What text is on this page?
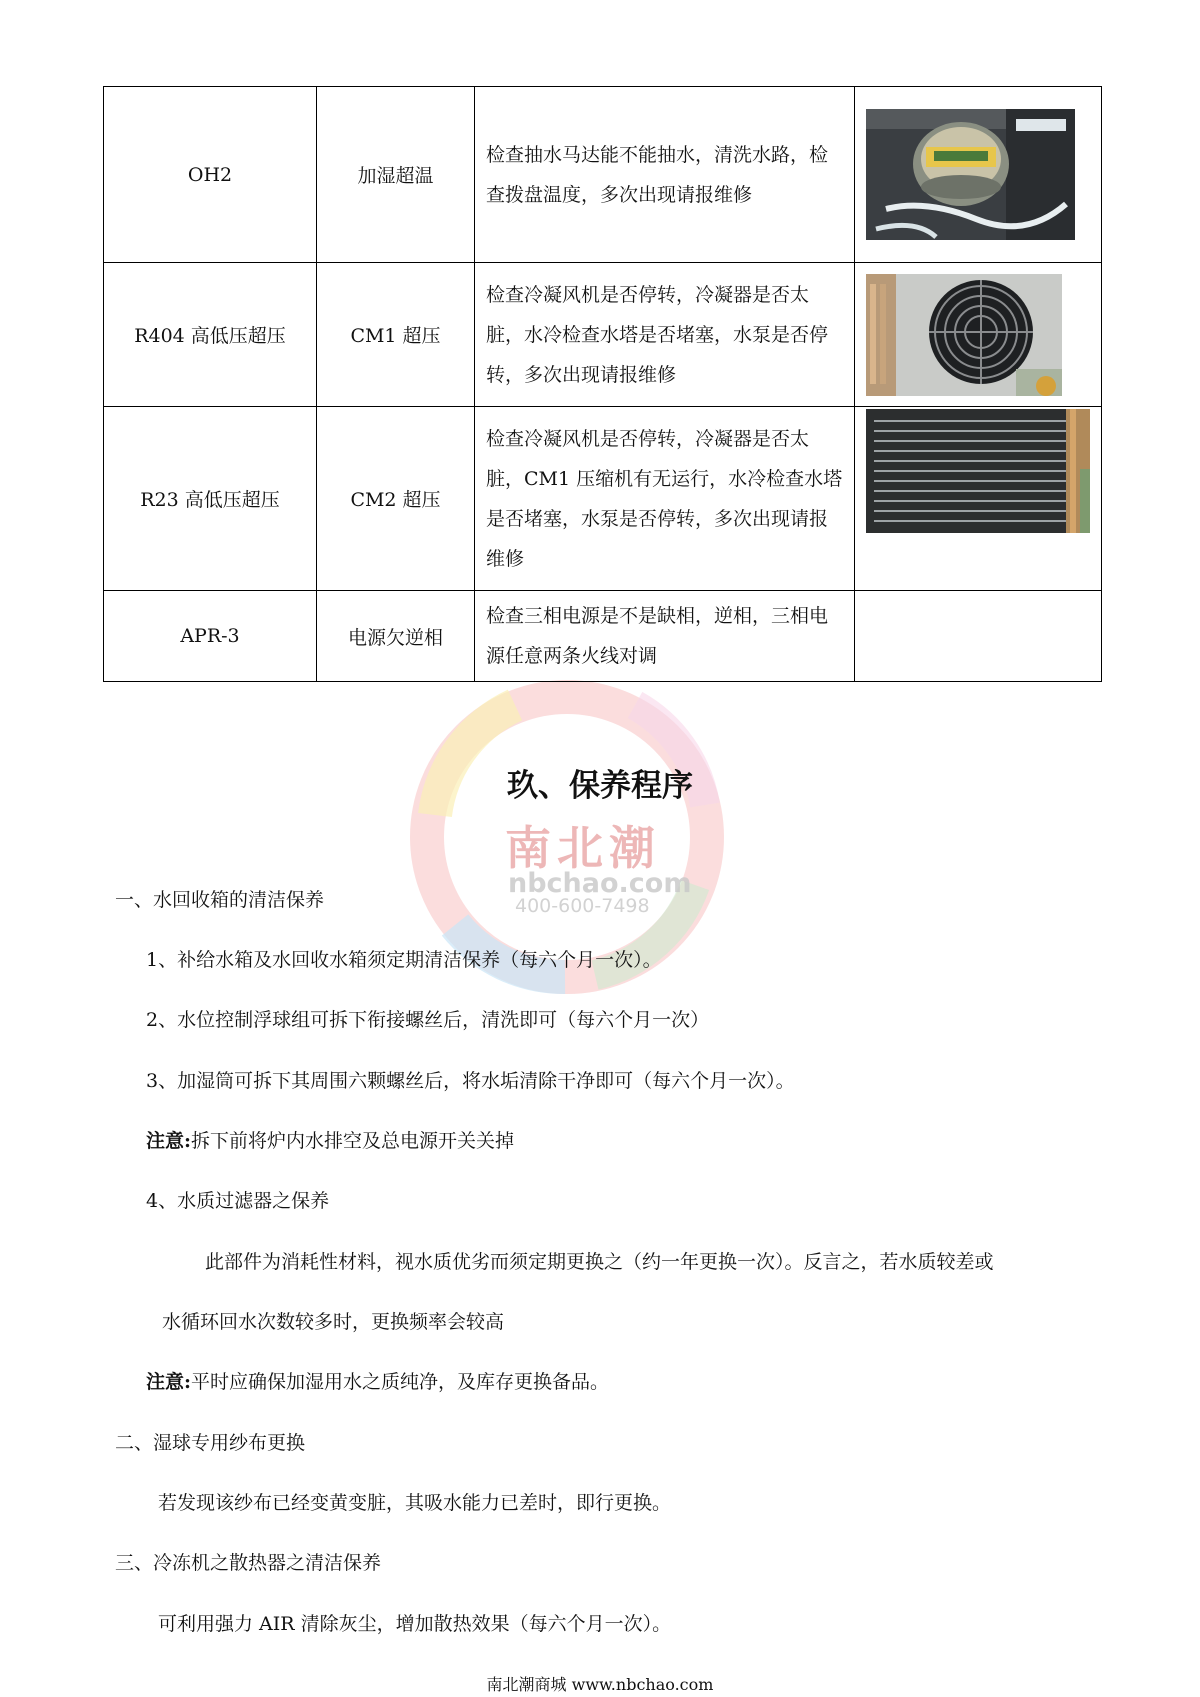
南北潮
nbchao.com
400-600-7498
OH2	加湿超温	检查抽水马达能不能抽水，清洗水路，检查拨盘温度，多次出现请报维修	

R404 高低压超压	CM1 超压	检查冷凝风机是否停转，冷凝器是否太脏，水冷检查水塔是否堵塞，水泵是否停转，多次出现请报维修	

R23 高低压超压	CM2 超压	检查冷凝风机是否停转，冷凝器是否太脏，CM1 压缩机有无运行，水冷检查水塔是否堵塞，水泵是否停转，多次出现请报维修	

APR-3	电源欠逆相	检查三相电源是不是缺相，逆相，三相电源任意两条火线对调	
玖、保养程序
一、水回收箱的清洁保养
1、补给水箱及水回收水箱须定期清洁保养（每六个月一次）。
2、水位控制浮球组可拆下衔接螺丝后，清洗即可（每六个月一次）
3、加湿筒可拆下其周围六颗螺丝后，将水垢清除干净即可（每六个月一次）。
注意:拆下前将炉内水排空及总电源开关关掉
4、水质过滤器之保养
此部件为消耗性材料，视水质优劣而须定期更换之（约一年更换一次）。反言之，若水质较差或
水循环回水次数较多时，更换频率会较高
注意:平时应确保加湿用水之质纯净，及库存更换备品。
二、湿球专用纱布更换
若发现该纱布已经变黄变脏，其吸水能力已差时，即行更换。
三、冷冻机之散热器之清洁保养
可利用强力 AIR 清除灰尘，增加散热效果（每六个月一次）。
南北潮商城 www.nbchao.com
